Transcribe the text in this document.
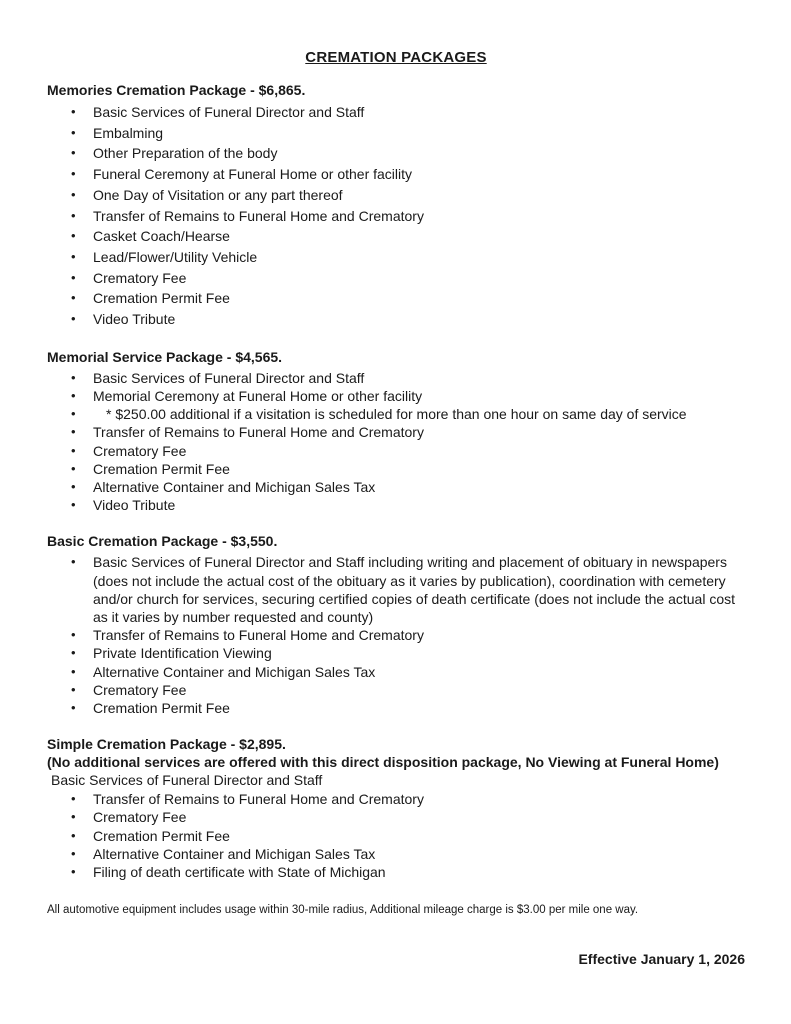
CREMATION PACKAGES

Memories Cremation Package - $6,865.

•	Basic Services of Funeral Director and Staff
•	Embalming
•	Other Preparation of the body
•	Funeral Ceremony at Funeral Home or other facility
•	One Day of Visitation or any part thereof
•	Transfer of Remains to Funeral Home and Crematory
•	Casket Coach/Hearse
•	Lead/Flower/Utility Vehicle
•	Crematory Fee
•	Cremation Permit Fee
•	Video Tribute

Memorial Service Package - $4,565.

•	Basic Services of Funeral Director and Staff
•	Memorial Ceremony at Funeral Home or other facility
•	* $250.00 additional if a visitation is scheduled for more than one hour on same day of service
•	Transfer of Remains to Funeral Home and Crematory
•	Crematory Fee
•	Cremation Permit Fee
•	Alternative Container and Michigan Sales Tax
•	Video Tribute

Basic Cremation Package - $3,550.

•	Basic Services of Funeral Director and Staff including writing and placement of obituary in newspapers (does not include the actual cost of the obituary as it varies by publication), coordination with cemetery and/or church for services, securing certified copies of death certificate (does not include the actual cost as it varies by number requested and county)
•	Transfer of Remains to Funeral Home and Crematory
•	Private Identification Viewing
•	Alternative Container and Michigan Sales Tax
•	Crematory Fee
•	Cremation Permit Fee

Simple Cremation Package - $2,895.

(No additional services are offered with this direct disposition package, No Viewing at Funeral Home)

Basic Services of Funeral Director and Staff

•	Transfer of Remains to Funeral Home and Crematory
•	Crematory Fee
•	Cremation Permit Fee
•	Alternative Container and Michigan Sales Tax
•	Filing of death certificate with State of Michigan
All automotive equipment includes usage within 30-mile radius, Additional mileage charge is $3.00 per mile one way.
Effective January 1, 2026
